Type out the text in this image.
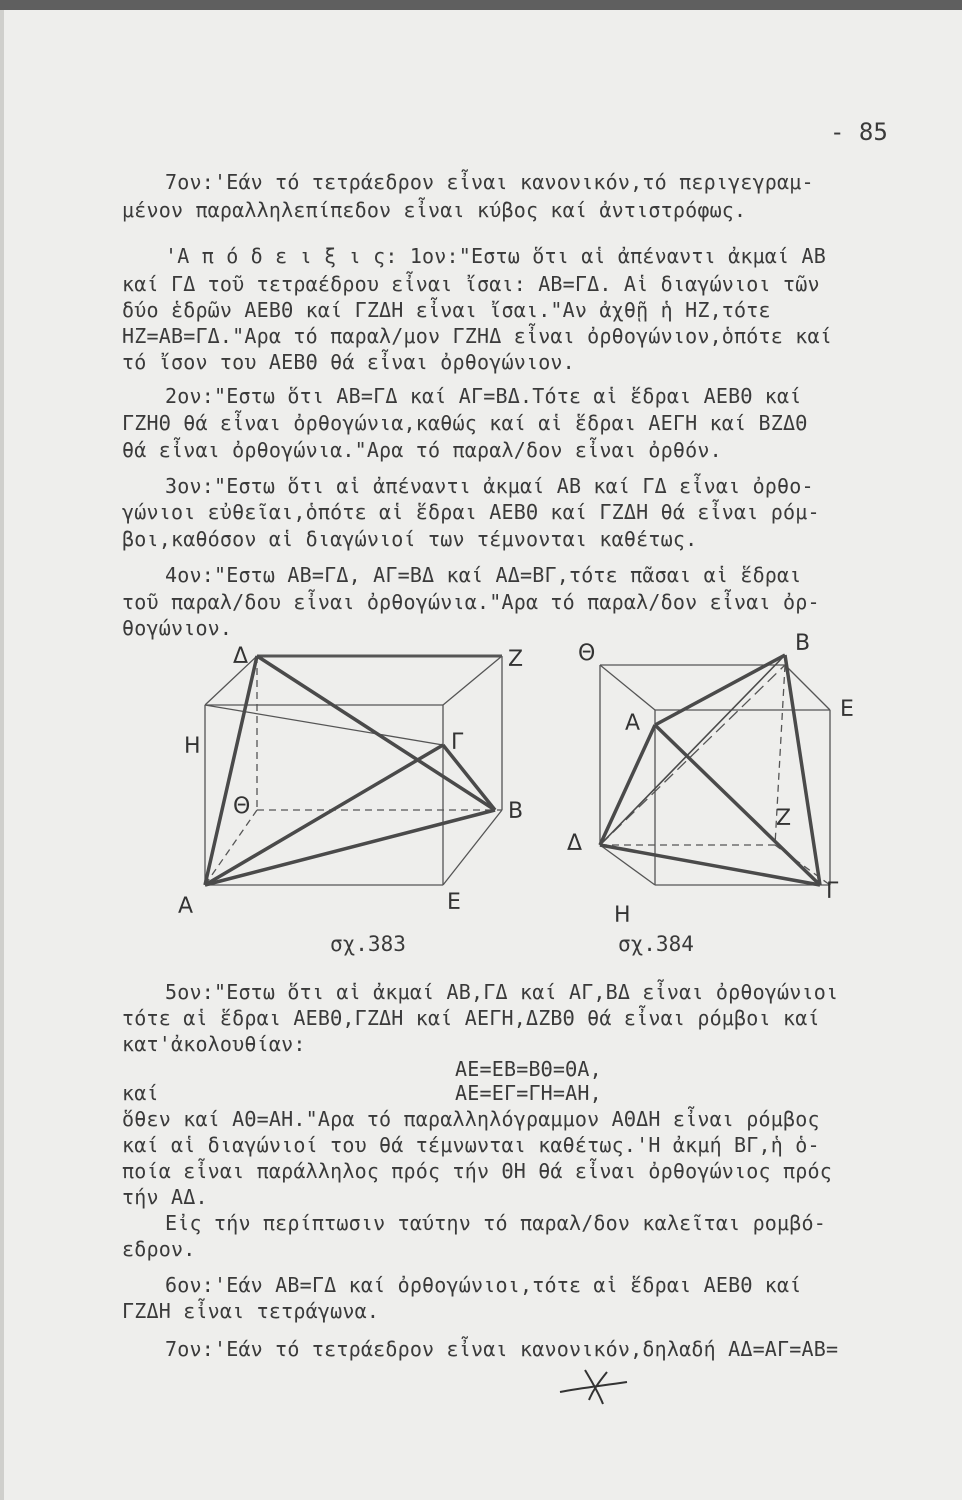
- 85
7ον:'Εάν τό τετράεδρον εἶναι κανονικόν,τό περιγεγραμ-
μένον παραλληλεπίπεδον εἶναι κύβος καί ἀντιστρόφως.
'Α π ό δ ε ι ξ ι ς: 1ον:"Εστω ὅτι αἱ ἀπέναντι ἀκμαί ΑΒ
καί ΓΔ τοῦ τετραέδρου εἶναι ἴσαι: ΑΒ=ΓΔ. Αἱ διαγώνιοι τῶν
δύο ἑδρῶν ΑΕΒΘ καί ΓΖΔΗ εἶναι ἴσαι."Αν ἀχθῇ ἡ ΗΖ,τότε
ΗΖ=ΑΒ=ΓΔ."Αρα τό παραλ/μον ΓΖΗΔ εἶναι ὀρθογώνιον,ὁπότε καί
τό ἴσον του ΑΕΒΘ θά εἶναι ὀρθογώνιον.
2ον:"Εστω ὅτι ΑΒ=ΓΔ καί ΑΓ=ΒΔ.Τότε αἱ ἕδραι ΑΕΒΘ καί
ΓΖΗΘ θά εἶναι ὀρθογώνια,καθώς καί αἱ ἕδραι ΑΕΓΗ καί ΒΖΔΘ
θά εἶναι ὀρθογώνια."Αρα τό παραλ/δον εἶναι ὀρθόν.
3ον:"Εστω ὅτι αἱ ἀπέναντι ἀκμαί ΑΒ καί ΓΔ εἶναι ὀρθο-
γώνιοι εὐθεῖαι,ὁπότε αἱ ἕδραι ΑΕΒΘ καί ΓΖΔΗ θά εἶναι ρόμ-
βοι,καθόσον αἱ διαγώνιοί των τέμνονται καθέτως.
4ον:"Εστω ΑΒ=ΓΔ, ΑΓ=ΒΔ καί ΑΔ=ΒΓ,τότε πᾶσαι αἱ ἕδραι
τοῦ παραλ/δου εἶναι ὀρθογώνια."Αρα τό παραλ/δον εἶναι ὀρ-
θογώνιον.
Δ	Ζ
Η	Γ
Θ	Β
Α	Ε
σχ.383
Θ	Β
Ε
Α
Ζ
Δ
Γ
Η
σχ.384
5ον:"Εστω ὅτι αἱ ἀκμαί ΑΒ,ΓΔ καί ΑΓ,ΒΔ εἶναι ὀρθογώνιοι
τότε αἱ ἕδραι ΑΕΒΘ,ΓΖΔΗ καί ΑΕΓΗ,ΔΖΒΘ θά εἶναι ρόμβοι καί
κατ'ἀκολουθίαν:
ΑΕ=ΕΒ=ΒΘ=ΘΑ,
καί	ΑΕ=ΕΓ=ΓΗ=ΑΗ,
ὅθεν καί ΑΘ=ΑΗ."Αρα τό παραλληλόγραμμον ΑΘΔΗ εἶναι ρόμβος
καί αἱ διαγώνιοί του θά τέμνωνται καθέτως.'Η ἀκμή ΒΓ,ἡ ὁ-
ποία εἶναι παράλληλος πρός τήν ΘΗ θά εἶναι ὀρθογώνιος πρός
τήν ΑΔ.
Εἰς τήν περίπτωσιν ταύτην τό παραλ/δον καλεῖται ρομβό-
εδρον.
6ον:'Εάν ΑΒ=ΓΔ καί ὀρθογώνιοι,τότε αἱ ἕδραι ΑΕΒΘ καί
ΓΖΔΗ εἶναι τετράγωνα.
7ον:'Εάν τό τετράεδρον εἶναι κανονικόν,δηλαδή ΑΔ=ΑΓ=ΑΒ=
